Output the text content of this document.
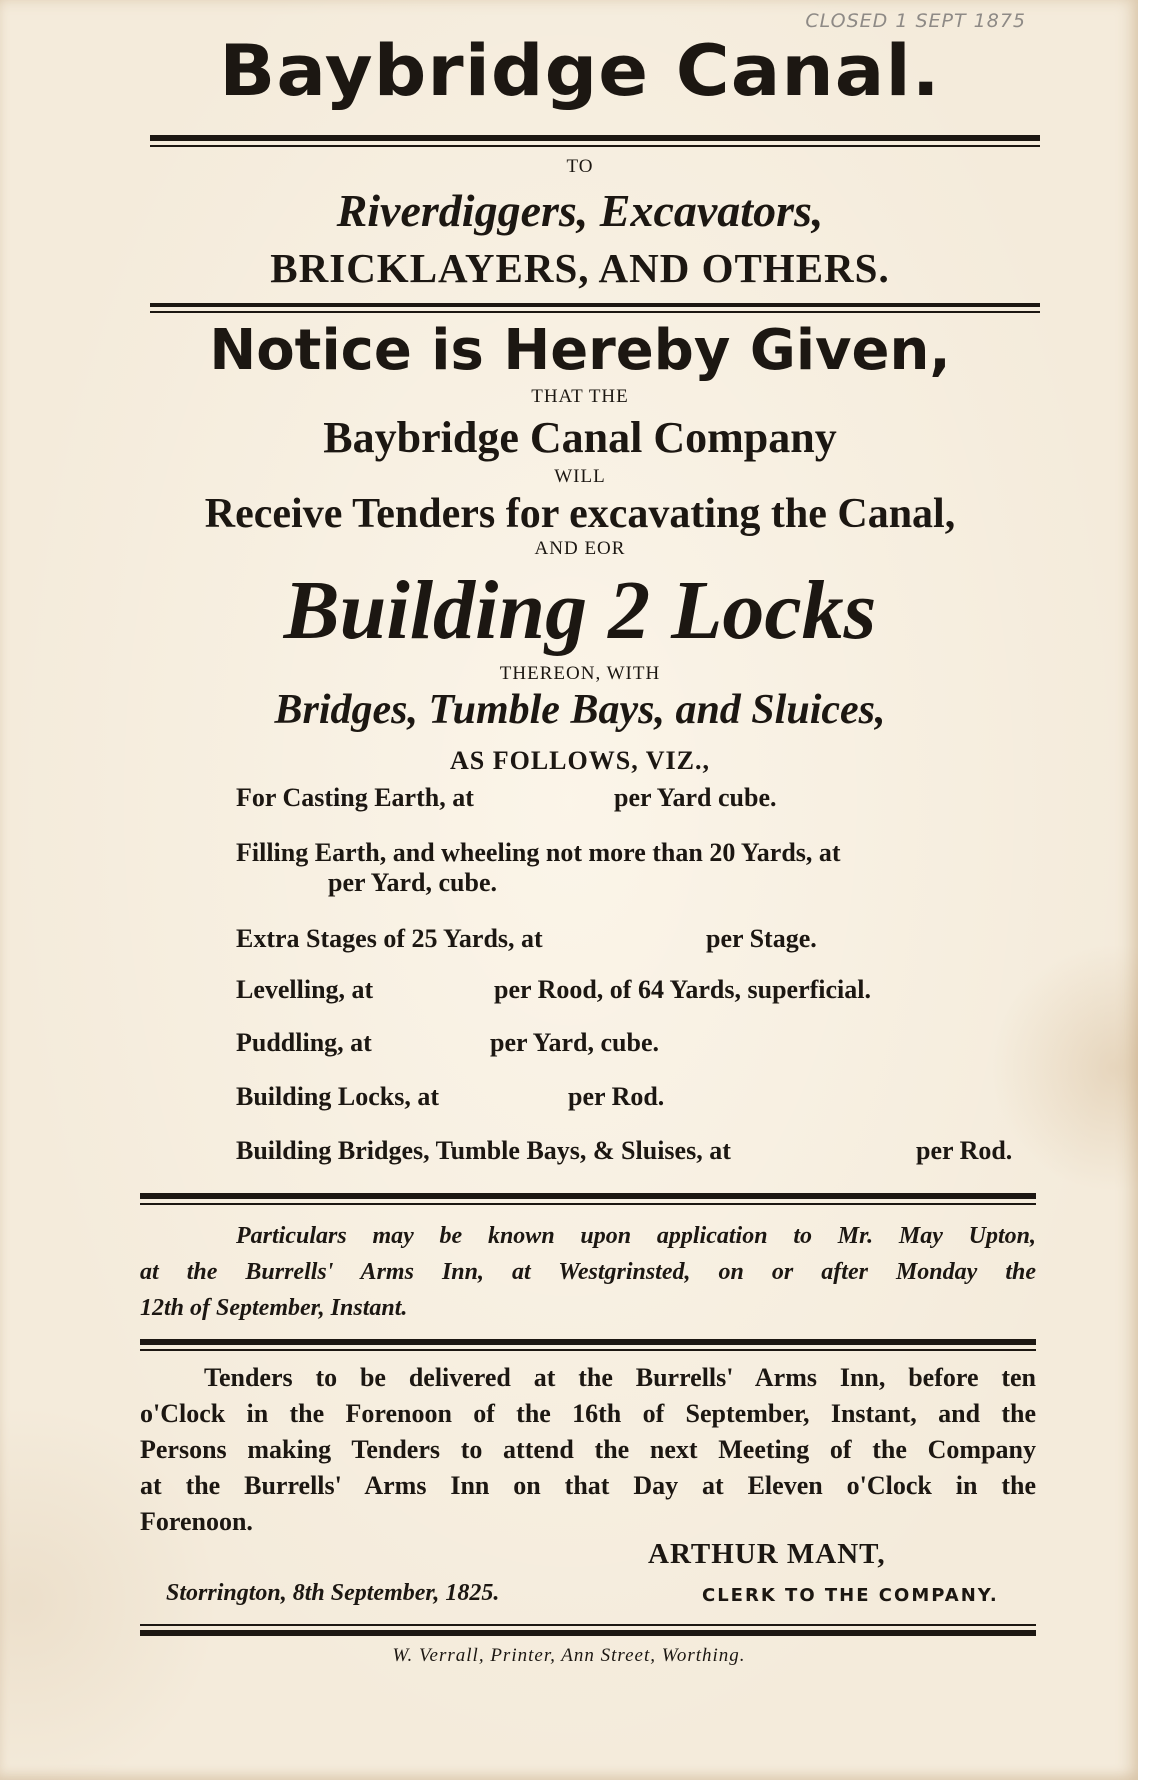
CLOSED 1 SEPT 1875
Baybridge Canal.
TO
Riverdiggers, Excavators,
BRICKLAYERS, AND OTHERS.
Notice is Hereby Given,
THAT THE
Baybridge Canal Company
WILL
Receive Tenders for excavating the Canal,
AND EOR
Building 2 Locks
THEREON, WITH
Bridges, Tumble Bays, and Sluices,
AS FOLLOWS, VIZ.,
For Casting Earth, at	per Yard cube.
Filling Earth, and wheeling not more than 20 Yards, at
per Yard, cube.
Extra Stages of 25 Yards, at	per Stage.
Levelling, at	per Rood, of 64 Yards, superficial.
Puddling, at	per Yard, cube.
Building Locks, at	per Rod.
Building Bridges, Tumble Bays, & Sluises, at	per Rod.
Particulars may be known upon application to Mr. May Upton,
at the Burrells' Arms Inn, at Westgrinsted, on or after Monday the
12th of September, Instant.
Tenders to be delivered at the Burrells' Arms Inn, before ten
o'Clock in the Forenoon of the 16th of September, Instant, and the
Persons making Tenders to attend the next Meeting of the Company
at the Burrells' Arms Inn on that Day at Eleven o'Clock in the
Forenoon.
ARTHUR MANT,
Storrington, 8th September, 1825.	CLERK TO THE COMPANY.
W. Verrall, Printer, Ann Street, Worthing.
